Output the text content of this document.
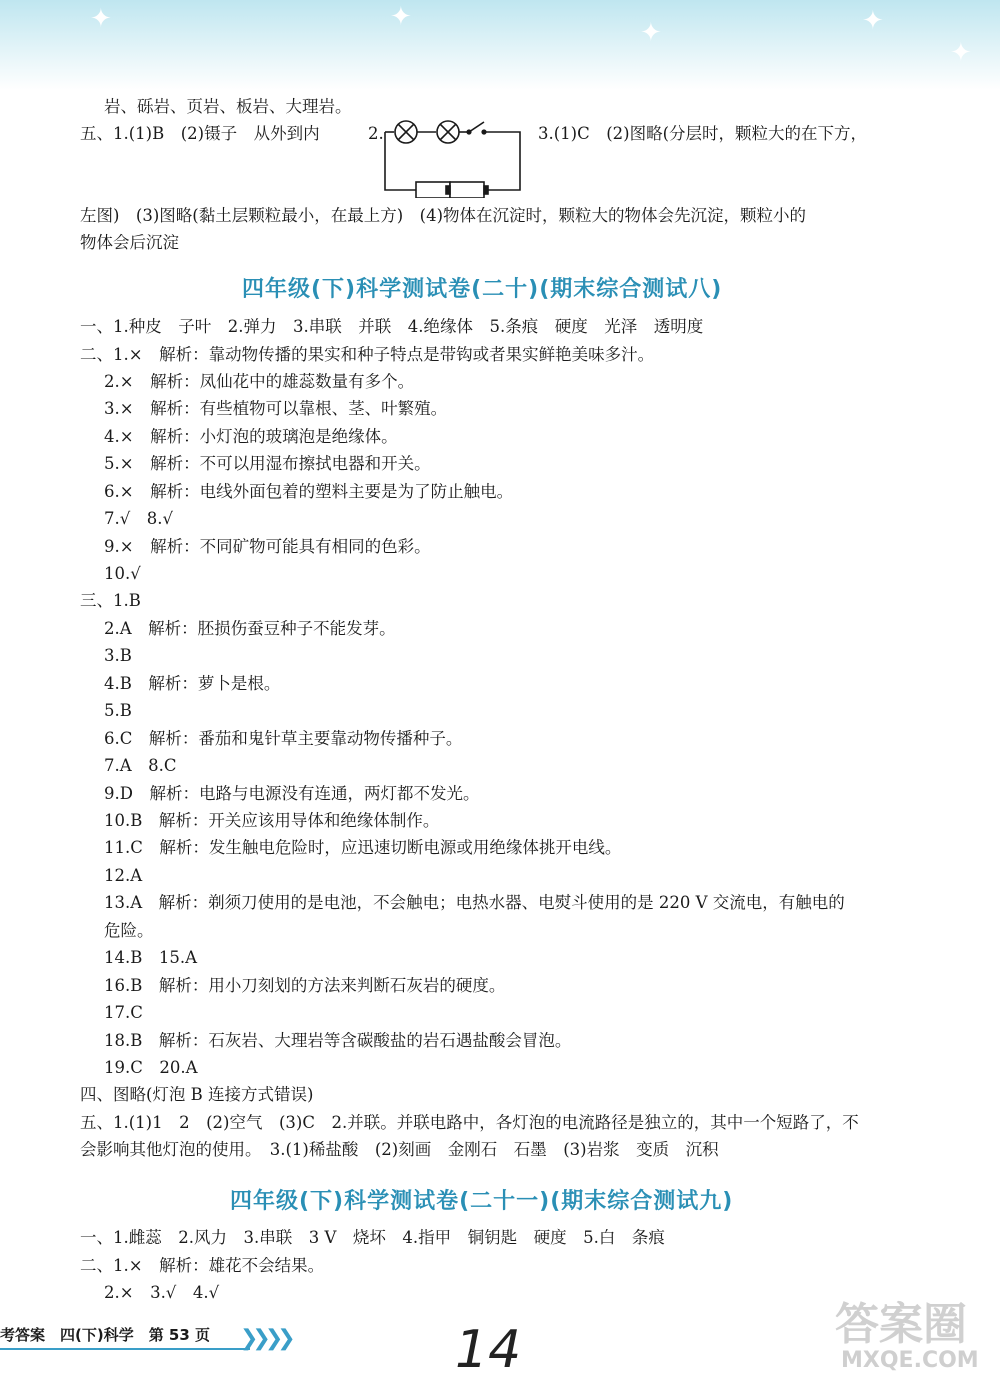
✦	✦
✦	✦
✦
岩、砾岩、页岩、板岩、大理岩。
五、1.(1)B　(2)镊子　从外到内	2.	3.(1)C　(2)图略(分层时，颗粒大的在下方，
左图)　(3)图略(黏土层颗粒最小，在最上方)　(4)物体在沉淀时，颗粒大的物体会先沉淀，颗粒小的
物体会后沉淀
四年级(下)科学测试卷(二十)(期末综合测试八)
一、1.种皮　子叶　2.弹力　3.串联　并联　4.绝缘体　5.条痕　硬度　光泽　透明度
二、1.×　解析：靠动物传播的果实和种子特点是带钩或者果实鲜艳美味多汁。
2.×　解析：凤仙花中的雄蕊数量有多个。
3.×　解析：有些植物可以靠根、茎、叶繁殖。
4.×　解析：小灯泡的玻璃泡是绝缘体。
5.×　解析：不可以用湿布擦拭电器和开关。
6.×　解析：电线外面包着的塑料主要是为了防止触电。
7.√　8.√
9.×　解析：不同矿物可能具有相同的色彩。
10.√
三、1.B
2.A　解析：胚损伤蚕豆种子不能发芽。
3.B
4.B　解析：萝卜是根。
5.B
6.C　解析：番茄和鬼针草主要靠动物传播种子。
7.A　8.C
9.D　解析：电路与电源没有连通，两灯都不发光。
10.B　解析：开关应该用导体和绝缘体制作。
11.C　解析：发生触电危险时，应迅速切断电源或用绝缘体挑开电线。
12.A
13.A　解析：剃须刀使用的是电池，不会触电；电热水器、电熨斗使用的是 220 V 交流电，有触电的
危险。
14.B　15.A
16.B　解析：用小刀刻划的方法来判断石灰岩的硬度。
17.C
18.B　解析：石灰岩、大理岩等含碳酸盐的岩石遇盐酸会冒泡。
19.C　20.A
四、图略(灯泡 B 连接方式错误)
五、1.(1)1　2　(2)空气　(3)C　2.并联。并联电路中，各灯泡的电流路径是独立的，其中一个短路了，不
会影响其他灯泡的使用。　3.(1)稀盐酸　(2)刻画　金刚石　石墨　(3)岩浆　变质　沉积
四年级(下)科学测试卷(二十一)(期末综合测试九)
一、1.雌蕊　2.风力　3.串联　3 V　烧坏　4.指甲　铜钥匙　硬度　5.白　条痕
二、1.×　解析：雄花不会结果。
2.×　3.√　4.√
考答案　四(下)科学　第 53 页 ❯❯❯❯	14	答案圈
MXQE.COM
